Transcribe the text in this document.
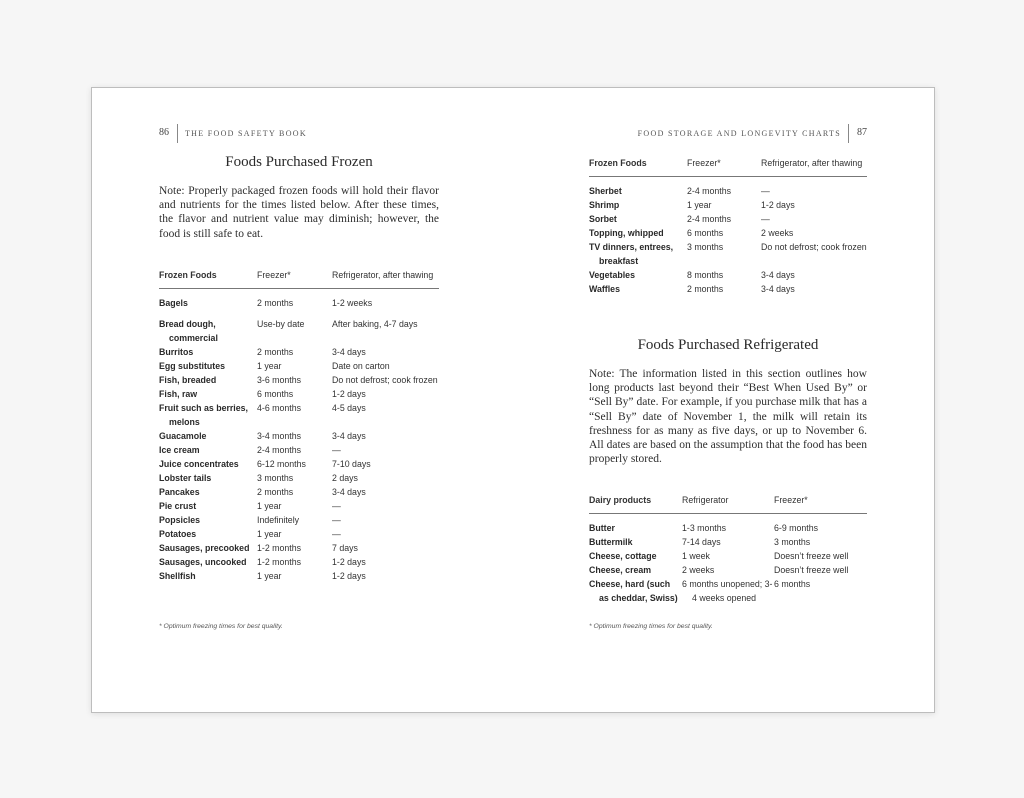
86 THE FOOD SAFETY BOOK
Foods Purchased Frozen

Note: Properly packaged frozen foods will hold their flavor and nutrients for the times listed below. After these times, the flavor and nutrient value may diminish; however, the food is still safe to eat.

Frozen Foods	Freezer*	Refrigerator, after thawing

Bagels	2 months	1-2 weeks

Bread dough, commercial	Use-by date	After baking, 4-7 days
Burritos	2 months	3-4 days
Egg substitutes	1 year	Date on carton
Fish, breaded	3-6 months	Do not defrost; cook frozen
Fish, raw	6 months	1-2 days
Fruit such as berries, melons	4-6 months	4-5 days
Guacamole	3-4 months	3-4 days
Ice cream	2-4 months	—
Juice concentrates	6-12 months	7-10 days
Lobster tails	3 months	2 days
Pancakes	2 months	3-4 days
Pie crust	1 year	—
Popsicles	Indefinitely	—
Potatoes	1 year	—
Sausages, precooked	1-2 months	7 days
Sausages, uncooked	1-2 months	1-2 days
Shellfish	1 year	1-2 days
* Optimum freezing times for best quality.
FOOD STORAGE AND LONGEVITY CHARTS 87
Frozen Foods	Freezer*	Refrigerator, after thawing

Sherbet	2-4 months	—
Shrimp	1 year	1-2 days
Sorbet	2-4 months	—
Topping, whipped	6 months	2 weeks
TV dinners, entrees, breakfast	3 months	Do not defrost; cook frozen
Vegetables	8 months	3-4 days
Waffles	2 months	3-4 days
Foods Purchased Refrigerated

Note: The information listed in this section outlines how long products last beyond their “Best When Used By” or “Sell By” date. For example, if you purchase milk that has a “Sell By” date of November 1, the milk will retain its freshness for as many as five days, or up to November 6. All dates are based on the assumption that the food has been properly stored.

Dairy products	Refrigerator	Freezer*

Butter	1-3 months	6-9 months
Buttermilk	7-14 days	3 months
Cheese, cottage	1 week	Doesn’t freeze well
Cheese, cream	2 weeks	Doesn’t freeze well
Cheese, hard (such as cheddar, Swiss)	6 months unopened; 3-4 weeks opened	6 months
* Optimum freezing times for best quality.
